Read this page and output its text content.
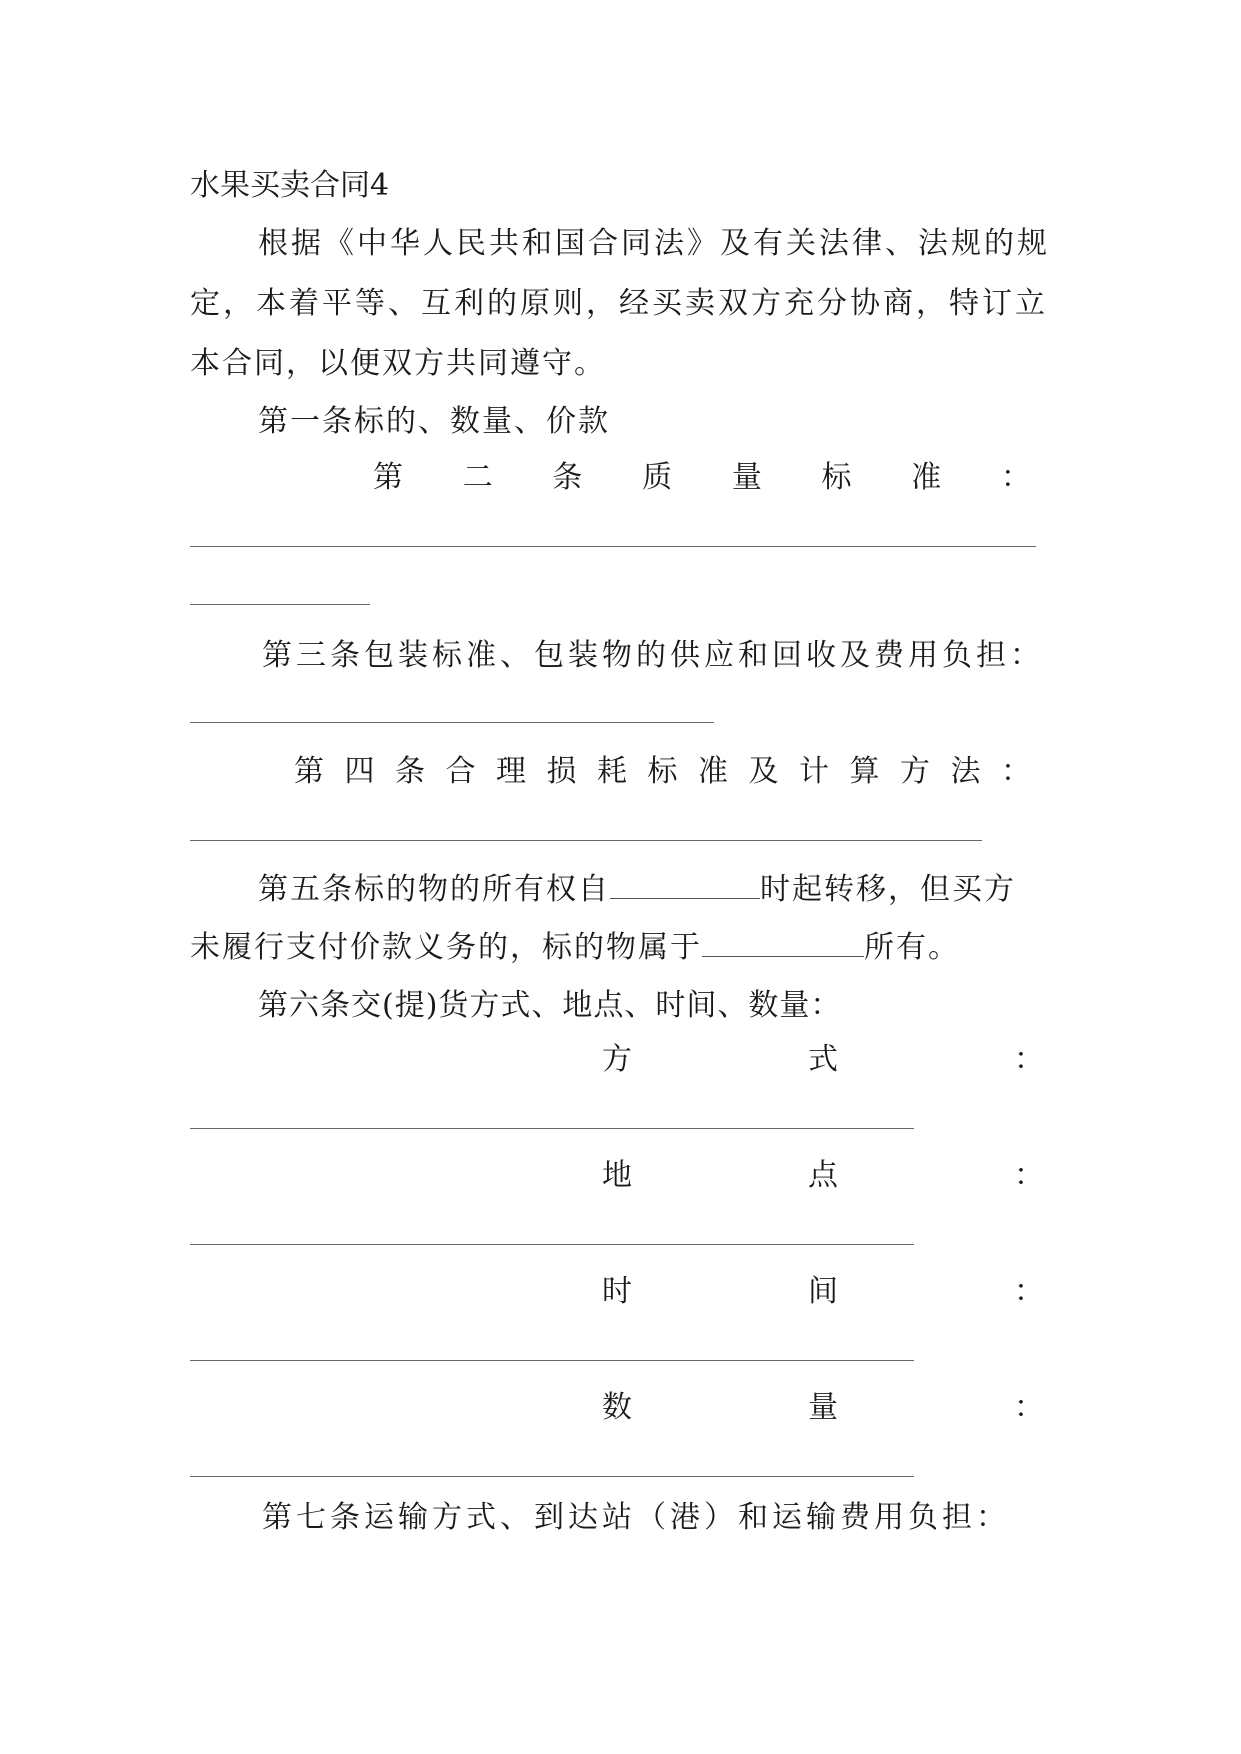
水果买卖合同4
根据《中华人民共和国合同法》及有关法律、法规的规
定，本着平等、互利的原则，经买卖双方充分协商，特订立
本合同，以便双方共同遵守。
第一条标的、数量、价款
第 二 条 质 量 标 准 ：
第三条包装标准、包装物的供应和回收及费用负担：
第 四 条 合 理 损 耗 标 准 及 计 算 方 法 ：
第五条标的物的所有权自	时起转移，但买方
未履行支付价款义务的，标的物属于	所有。
第六条交(提)货方式、地点、时间、数量：
方	式	：
地	点	：
时	间	：
数	量	：
第七条运输方式、到达站（港）和运输费用负担：
